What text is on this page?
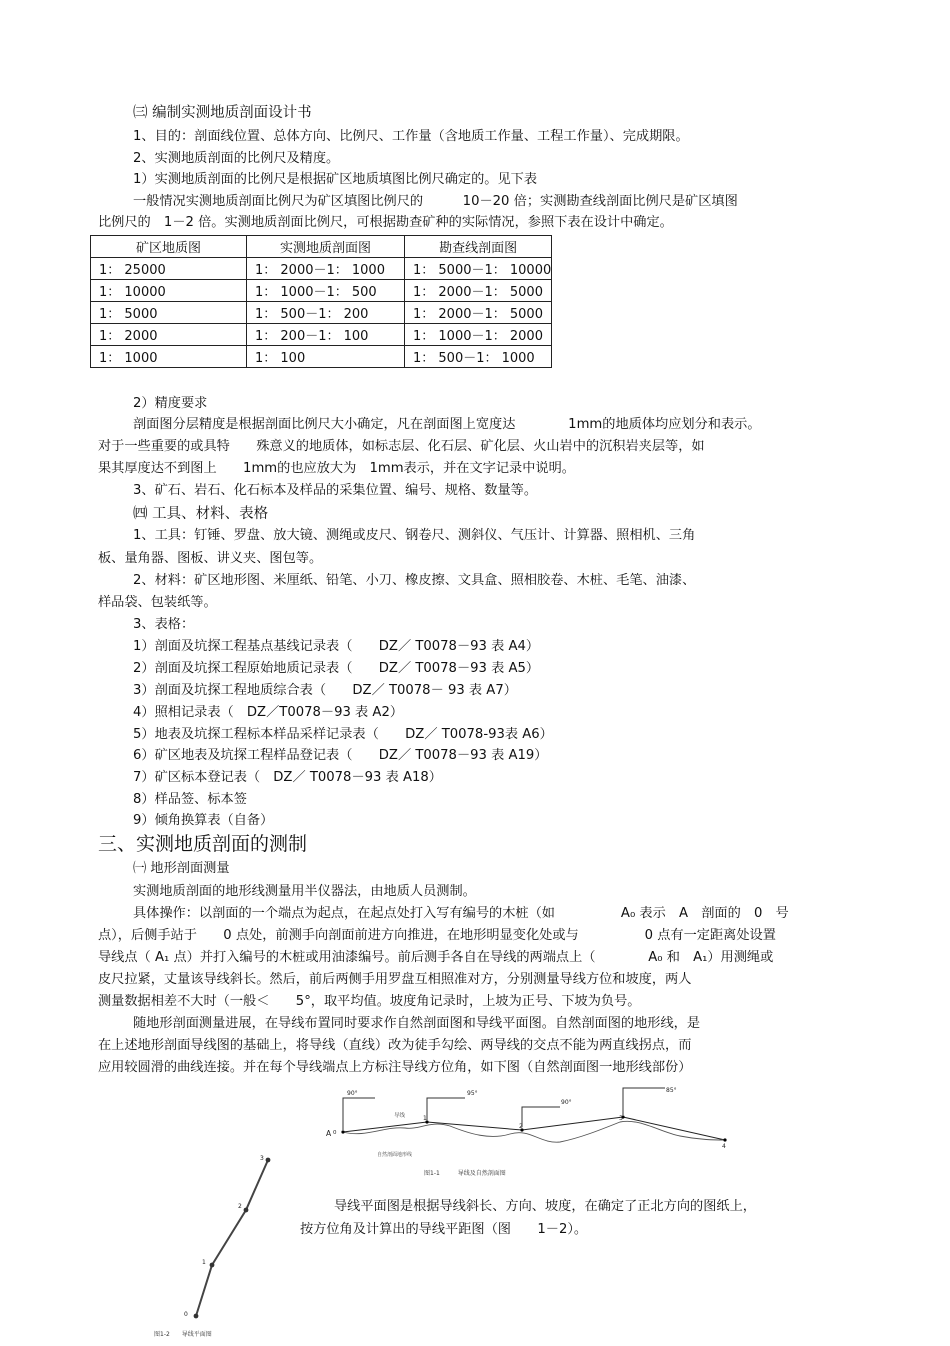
㈢ 编制实测地质剖面设计书
1、目的：剖面线位置、总体方向、比例尺、工作量（含地质工作量、工程工作量）、完成期限。
2、实测地质剖面的比例尺及精度。
1）实测地质剖面的比例尺是根据矿区地质填图比例尺确定的。见下表
一般情况实测地质剖面比例尺为矿区填图比例尺的　　　10－20 倍；实测勘查线剖面比例尺是矿区填图
比例尺的　1－2 倍。实测地质剖面比例尺，可根据勘查矿种的实际情况，参照下表在设计中确定。
矿区地质图	实测地质剖面图	勘查线剖面图
1： 25000	1： 2000－1： 1000	1： 5000－1： 10000
1： 10000	1： 1000－1： 500	1： 2000－1： 5000
1： 5000	1： 500－1： 200	1： 2000－1： 5000
1： 2000	1： 200－1： 100	1： 1000－1： 2000
1： 1000	1： 100	1： 500－1： 1000
2）精度要求
剖面图分层精度是根据剖面比例尺大小确定，凡在剖面图上宽度达　　　　1mm的地质体均应划分和表示。
对于一些重要的或具特　　殊意义的地质体，如标志层、化石层、矿化层、火山岩中的沉积岩夹层等，如
果其厚度达不到图上　　1mm的也应放大为　1mm表示，并在文字记录中说明。
3、矿石、岩石、化石标本及样品的采集位置、编号、规格、数量等。
㈣ 工具、材料、表格
1、工具：钉锤、罗盘、放大镜、测绳或皮尺、钢卷尺、测斜仪、气压计、计算器、照相机、三角
板、量角器、图板、讲义夹、图包等。
2、材料：矿区地形图、米厘纸、铅笔、小刀、橡皮擦、文具盒、照相胶卷、木桩、毛笔、油漆、
样品袋、包装纸等。
3、表格：
1）剖面及坑探工程基点基线记录表（　　DZ／ T0078－93 表 A4）
2）剖面及坑探工程原始地质记录表（　　DZ／ T0078－93 表 A5）
3）剖面及坑探工程地质综合表（　　DZ／ T0078－ 93 表 A7）
4）照相记录表（　DZ／T0078－93 表 A2）
5）地表及坑探工程标本样品采样记录表（　　DZ／ T0078-93表 A6）
6）矿区地表及坑探工程样品登记表（　　DZ／ T0078－93 表 A19）
7）矿区标本登记表（　DZ／ T0078－93 表 A18）
8）样品签、标本签
9）倾角换算表（自备）
三、实测地质剖面的测制
㈠ 地形剖面测量
实测地质剖面的地形线测量用半仪器法，由地质人员测制。
具体操作：以剖面的一个端点为起点，在起点处打入写有编号的木桩（如　　　　　A₀ 表示　A　剖面的　0　号
点），后侧手站于　　0 点处，前测手向剖面前进方向推进，在地形明显变化处或与　　　　　0 点有一定距离处设置
导线点（ A₁ 点）并打入编号的木桩或用油漆编号。前后测手各自在导线的两端点上（　　　　A₀ 和　A₁）用测绳或
皮尺拉紧，丈量该导线斜长。然后，前后两侧手用罗盘互相照准对方，分别测量导线方位和坡度，两人
测量数据相差不大时（一般＜　　5°，取平均值。坡度角记录时，上坡为正号、下坡为负号。
随地形剖面测量进展，在导线布置同时要求作自然剖面图和导线平面图。自然剖面图的地形线，是
在上述地形剖面导线图的基础上，将导线（直线）改为徒手勾绘、两导线的交点不能为两直线拐点，而
应用较圆滑的曲线连接。并在每个导线端点上方标注导线方位角，如下图（自然剖面图一地形线部份）
A 0
1
2
3
4
90°	95°
90°
85°
导线
自然剖面地形线
图1-1　　　导线及自然剖面图
0
1
2
3
图1-2　　导线平面图
导线平面图是根据导线斜长、方向、坡度，在确定了正北方向的图纸上，
按方位角及计算出的导线平距图（图　　1－2）。
